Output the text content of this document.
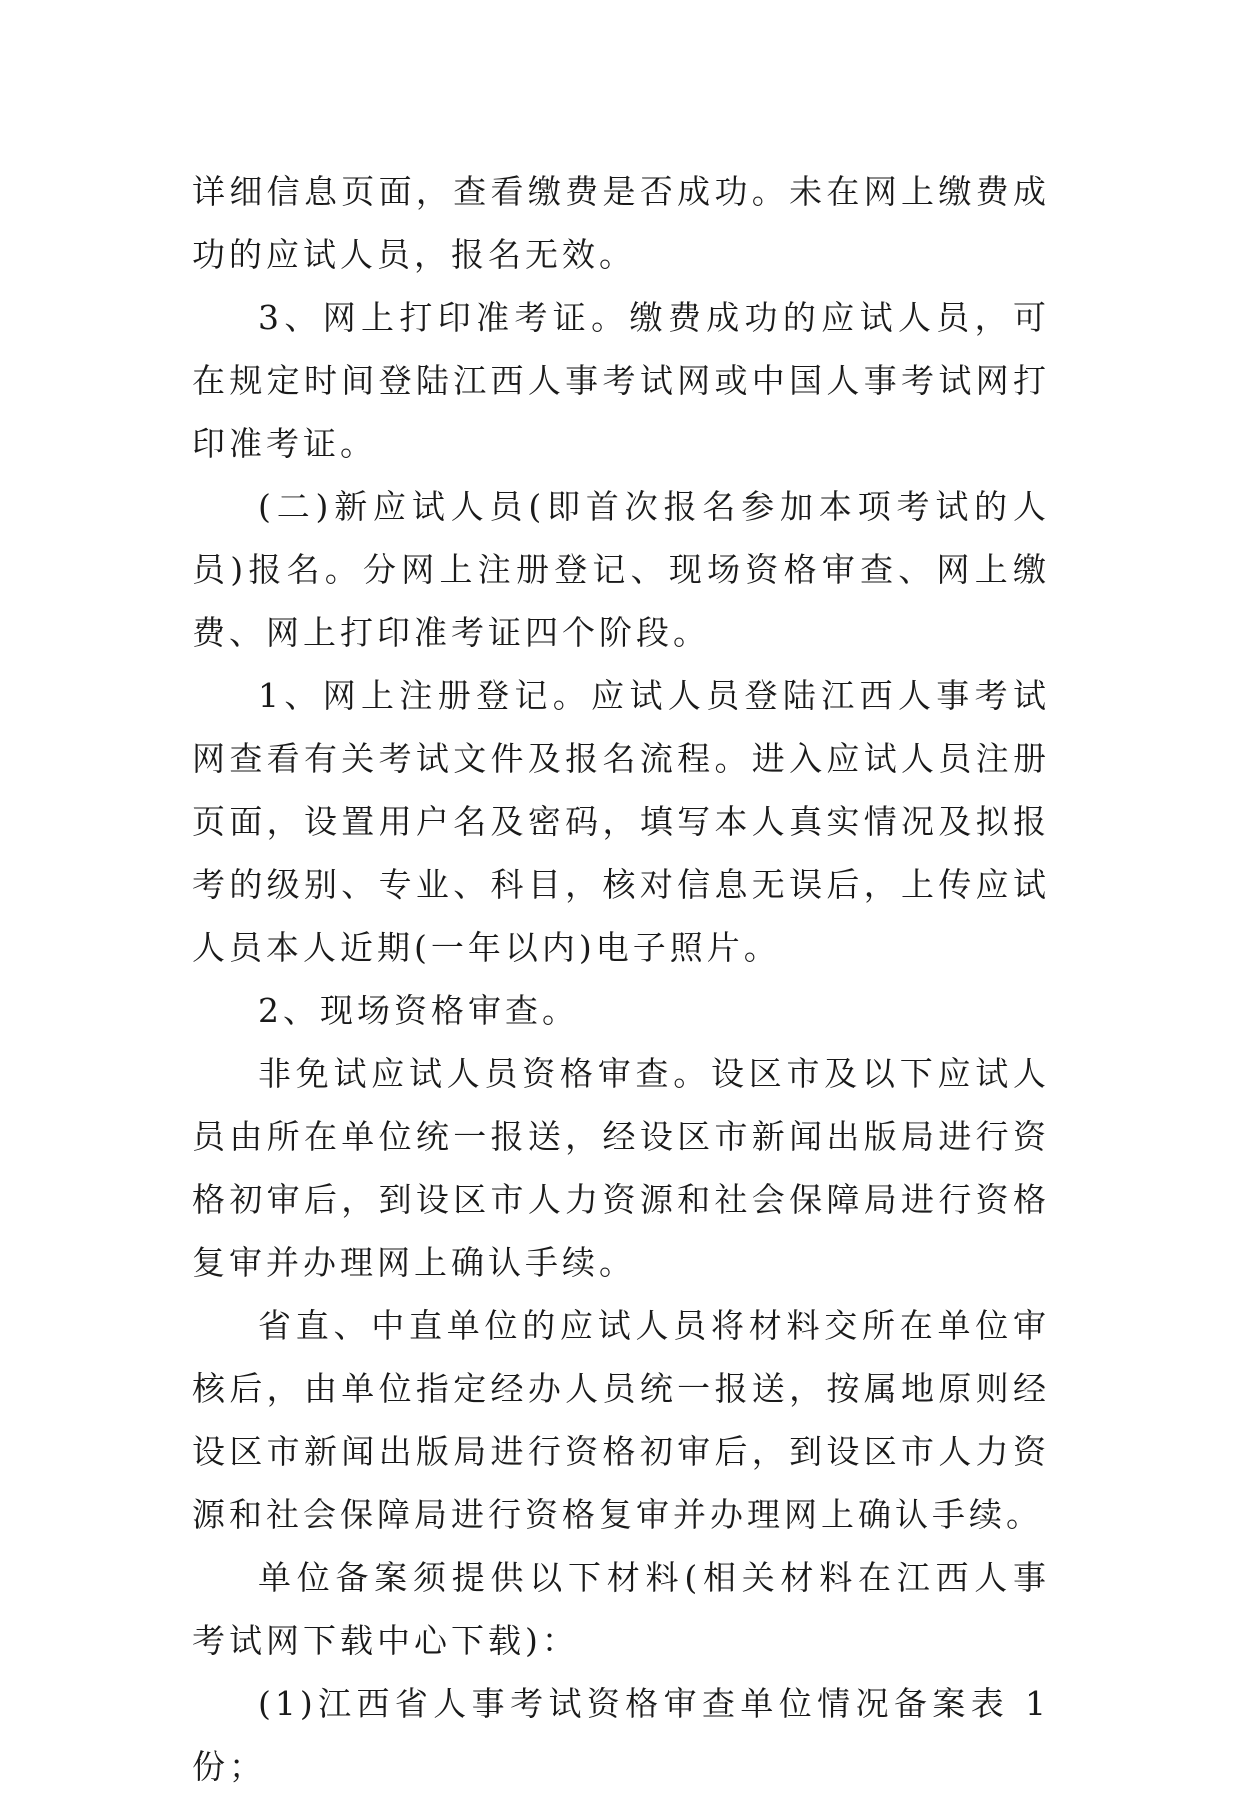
详细信息页面，查看缴费是否成功。未在网上缴费成功的应试人员，报名无效。

3、网上打印准考证。缴费成功的应试人员，可在规定时间登陆江西人事考试网或中国人事考试网打印准考证。

(二)新应试人员(即首次报名参加本项考试的人员)报名。分网上注册登记、现场资格审查、网上缴费、网上打印准考证四个阶段。

1、网上注册登记。应试人员登陆江西人事考试网查看有关考试文件及报名流程。进入应试人员注册页面，设置用户名及密码，填写本人真实情况及拟报考的级别、专业、科目，核对信息无误后，上传应试人员本人近期(一年以内)电子照片。

2、现场资格审查。

非免试应试人员资格审查。设区市及以下应试人员由所在单位统一报送，经设区市新闻出版局进行资格初审后，到设区市人力资源和社会保障局进行资格复审并办理网上确认手续。

省直、中直单位的应试人员将材料交所在单位审核后，由单位指定经办人员统一报送，按属地原则经设区市新闻出版局进行资格初审后，到设区市人力资源和社会保障局进行资格复审并办理网上确认手续。

单位备案须提供以下材料(相关材料在江西人事考试网下载中心下载)：

(1)江西省人事考试资格审查单位情况备案表 1 份；
